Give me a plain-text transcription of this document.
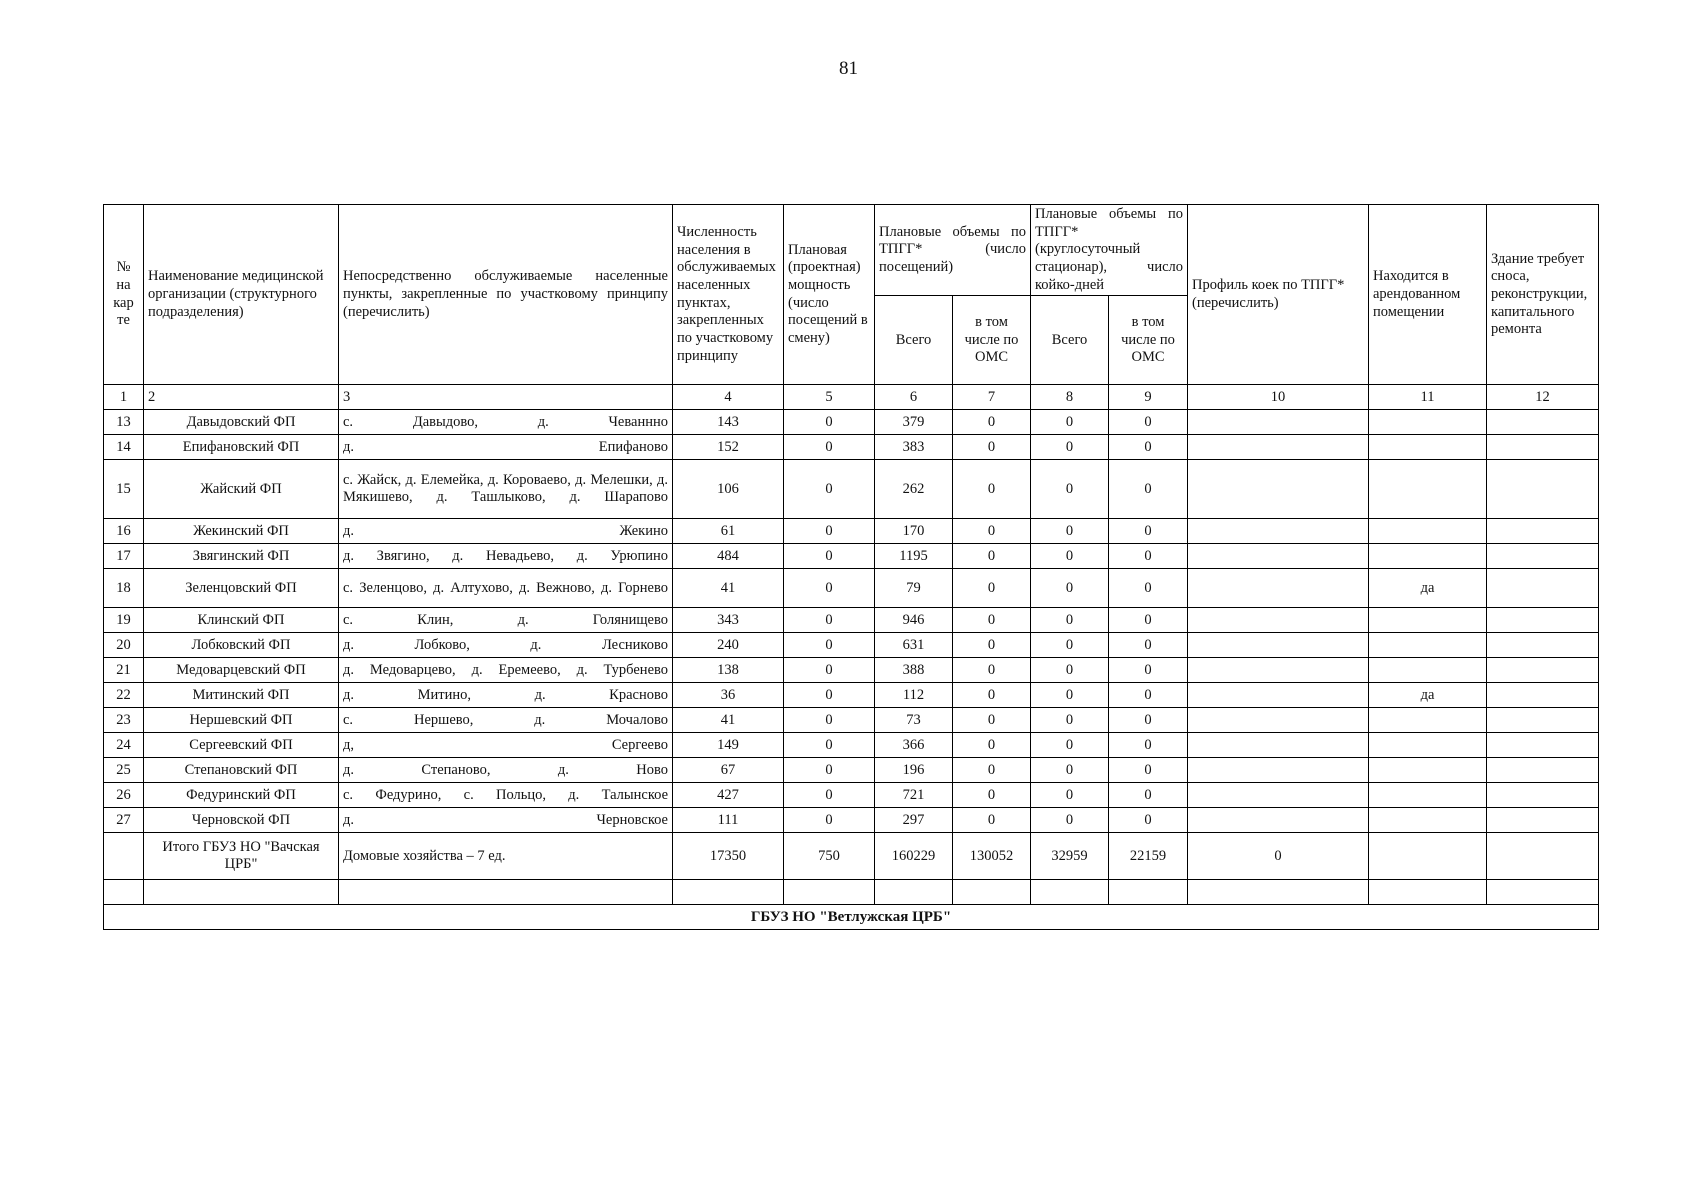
81
№ на кар те	Наименование медицинской организации (структурного подразделения)	Непосредственно обслуживаемые населенные пункты, закрепленные по участковому принципу (перечислить)	Численность населения в обслуживаемых населенных пунктах, закрепленных по участковому принципу	Плановая (проектная) мощность (число посещений в смену)	Плановые объемы по ТПГГ* (число посещений)		Плановые объемы по ТПГГ* (круглосуточный стационар), число койко-дней		Профиль коек по ТПГГ* (перечислить)	Находится в арендованном помещении	Здание требует сноса, реконструкции, капитального ремонта
					Всего	в том числе по ОМС	Всего	в том числе по ОМС			
1	2	3	4	5	6	7	8	9	10	11	12
13	Давыдовский ФП	с. Давыдово, д. Чеваннно	143	0	379	0	0	0			
14	Епифановский ФП	д. Епифаново	152	0	383	0	0	0			
15	Жайский ФП	с. Жайск, д. Елемейка, д. Короваево, д. Мелешки, д. Мякишево, д. Ташлыково, д. Шарапово	106	0	262	0	0	0			
16	Жекинский ФП	д. Жекино	61	0	170	0	0	0			
17	Звягинский ФП	д. Звягино, д. Невадьево, д. Урюпино	484	0	1195	0	0	0			
18	Зеленцовский ФП	с. Зеленцово, д. Алтухово, д. Вежново, д. Горнево	41	0	79	0	0	0		да	
19	Клинский ФП	с. Клин, д. Голянищево	343	0	946	0	0	0			
20	Лобковский ФП	д. Лобково, д. Лесниково	240	0	631	0	0	0			
21	Медоварцевский ФП	д. Медоварцево, д. Еремеево, д. Турбенево	138	0	388	0	0	0			
22	Митинский ФП	д. Митино, д. Красново	36	0	112	0	0	0		да	
23	Нершевский ФП	с. Нершево, д. Мочалово	41	0	73	0	0	0			
24	Сергеевский ФП	д, Сергеево	149	0	366	0	0	0			
25	Степановский ФП	д. Степаново, д. Ново	67	0	196	0	0	0			
26	Федуринский ФП	с. Федурино, с. Польцо, д. Талынское	427	0	721	0	0	0			
27	Черновской ФП	д. Черновское	111	0	297	0	0	0			
	Итого ГБУЗ НО "Вачская ЦРБ"	Домовые хозяйства – 7 ед.	17350	750	160229	130052	32959	22159	0		

ГБУЗ НО "Ветлужская ЦРБ"											
